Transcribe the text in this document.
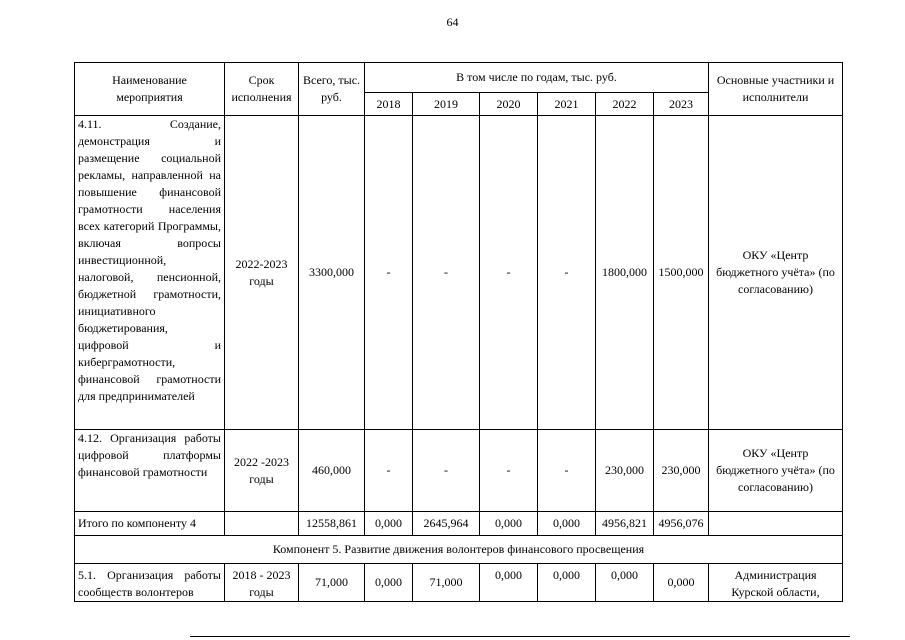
64
Наименование мероприятия	Срок исполнения	Всего, тыс. руб.	В том числе по годам, тыс. руб.						Основные участники и исполнители
			2018	2019	2020	2021	2022	2023	
4.11. Создание, демонстрация и размещение социальной рекламы, направленной на повышение финансовой грамотности населения всех категорий Программы, включая вопросы инвестиционной, налоговой, пенсионной, бюджетной грамотности, инициативного бюджетирования, цифровой и киберграмотности, финансовой грамотности для предпринимателей	2022-2023 годы	3300,000	-	-	-	-	1800,000	1500,000	ОКУ «Центр бюджетного учёта» (по согласованию)
4.12. Организация работы цифровой платформы финансовой грамотности	2022 -2023 годы	460,000	-	-	-	-	230,000	230,000	ОКУ «Центр бюджетного учёта» (по согласованию)
Итого по компоненту 4		12558,861	0,000	2645,964	0,000	0,000	4956,821	4956,076	
Компонент 5. Развитие движения волонтеров финансового просвещения									
5.1. Организация работы сообществ волонтеров	2018 - 2023 годы	71,000	0,000	71,000	0,000	0,000	0,000	0,000	Администрация Курской области,
